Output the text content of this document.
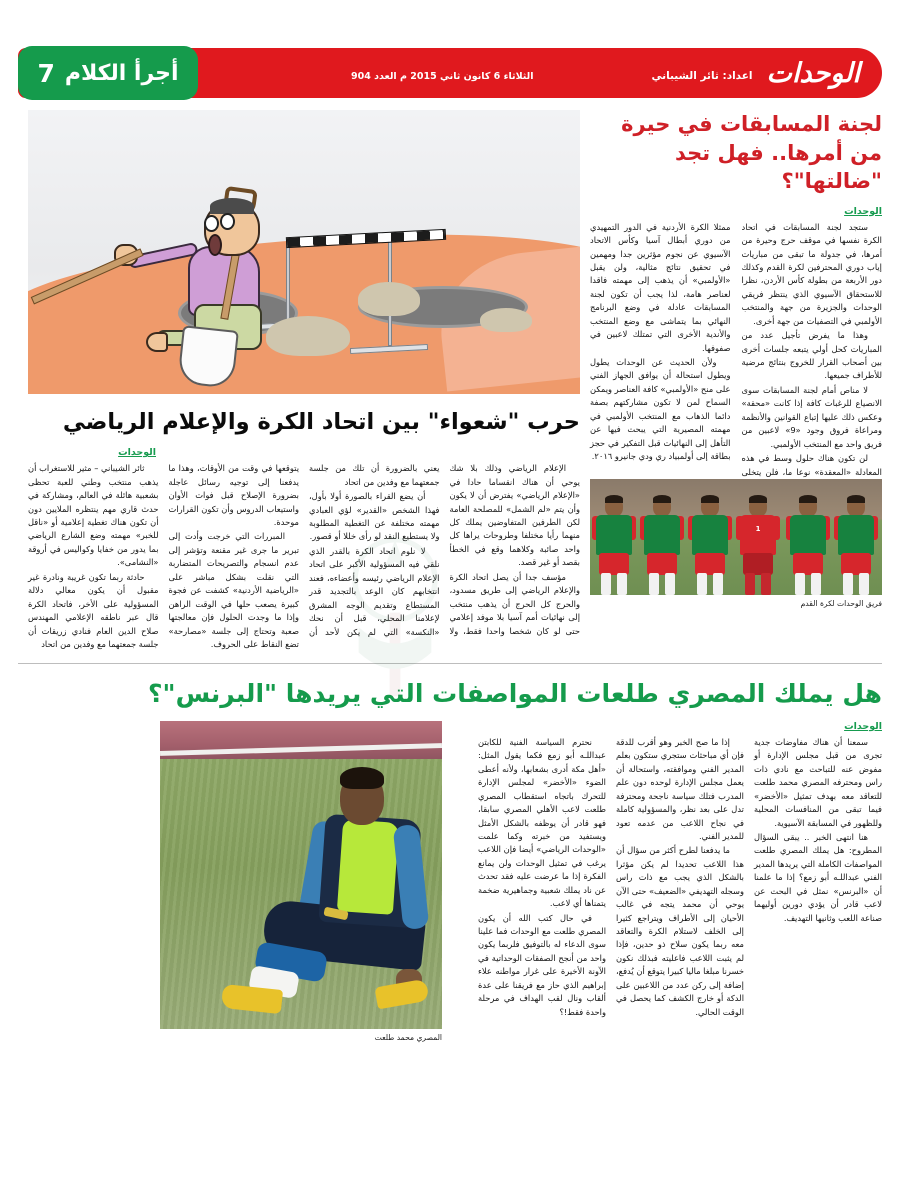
الوحدات
اعداد: ثائر الشيباني
الثلاثاء 6 كانون ثاني 2015 م العدد 904
أجرأ الكلام
7
لجنة المسابقات في حيرة من أمرها.. فهل تجد "ضالتها"؟
الوحدات

ستجد لجنة المسابقات في اتحاد الكرة نفسها في موقف حرج وحيرة من أمرها، في جدولة ما تبقى من مباريات إياب دوري المحترفين لكرة القدم وكذلك دور الأربعة من بطولة كأس الأردن، نظرا للاستحقاق الآسيوي الذي ينتظر فريقي الوحدات والجزيرة من جهة والمنتخب الأولمبي في التصفيات من جهة أخرى.

وهذا ما يفرض تأجيل عدد من المباريات كحل أولي يتبعه جلسات أخرى بين أصحاب القرار للخروج بنتائج مرضية للأطراف جميعها.

لا مناص أمام لجنة المسابقات سوى الانصياع للرغبات كافة إذا كانت «محقة» وعكس ذلك عليها إتباع القوانين والأنظمة ومراعاة فروق وجود «9» لاعبين من فريق واحد مع المنتخب الأولمبي.

لن تكون هناك حلول وسط في هذه المعادلة «المعقدة» نوعا ما، فلن يتخلى ممثلا الكرة الأردنية في الدور التمهيدي من دوري أبطال آسيا وكأس الاتحاد الآسيوي عن نجوم مؤثرين جدا ومهمين في تحقيق نتائج مثالية، ولن يقبل «الأولمبي» أن يذهب إلى مهمته فاقدا لعناصر هامة، لذا يجب أن تكون لجنة المسابقات عادلة في وضع البرنامج النهائي بما يتماشى مع وضع المنتخب والأندية الأخرى التي تمتلك لاعبين في صفوفها.

ولأن الحديث عن الوحدات يطول ويطول استحالة أن يوافق الجهاز الفني على منح «الأولمبي» كافة العناصر ويمكن السماح لمن لا تكون مشاركتهم بصفة دائما الذهاب مع المنتخب الأولمبي في مهمته المصيرية التي يبحث فيها عن التأهل إلى النهائيات قبل التفكير في حجز بطاقة إلى أولمبياد ري ودي جانيرو ٢٠١٦.

1
فريق الوحدات لكرة القدم
حرب "شعواء" بين اتحاد الكرة والإعلام الرياضي
الوحدات

الإعلام الرياضي وذلك بلا شك يوحي أن هناك انقساما حادا في «الإعلام الرياضي» يفترض أن لا يكون وأن يتم «لم الشمل» للمصلحة العامة لكن الطرفين المتفاوضين يملك كل منهما رأيا مختلفا وطروحات يراها كل واحد صائبة وكلاهما وقع في الخطأ بقصد أو غير قصد.

مؤسف جدا أن يصل اتحاد الكرة والإعلام الرياضي إلى طريق مسدود، والحرج كل الحرج أن يذهب منتخب إلى نهائيات أمم آسيا بلا موفد إعلامي حتى لو كان شخصا واحدا فقط، ولا يعني بالضرورة أن تلك من جلسة جمعتهما مع وفدين من اتحاد

أن يضع القراء بالصورة أولا بأول، فهذا الشخص «القدير» لؤي العبادي مهمته مختلفة عن التغطية المطلوبة ولا يستطيع النقد لو رأى خللا أو قصور.

لا نلوم اتحاد الكرة بالقدر الذي نلقي فيه المسؤولية الأكبر على اتحاد الإعلام الرياضي رئيسه وأعضاءه، فعند انتخابهم كان الوعد بالتجديد قدر المستطاع وتقديم الوجه المشرق لإعلامنا المحلي، قبل أن نحك «النكسة» التي لم يكن لأحد أن يتوقعها في وقت من الأوقات، وهذا ما يدفعنا إلى توجيه رسائل عاجلة بضرورة الإصلاح قبل فوات الأوان واستيعاب الدروس وأن تكون القرارات موحدة.

المبررات التي خرجت وأدت إلى تبرير ما جرى غير مقنعة وتؤشر إلى عدم انسجام والتصريحات المتضاربة التي نقلت بشكل مباشر على «الرياضية الأردنية» كشفت عن فجوة كبيرة يصعب حلها في الوقت الراهن وإذا ما وجدت الحلول فإن معالجتها صعبة وتحتاج إلى جلسة «مصارحة» تضع النقاط على الحروف.

ثائر الشيباني – مثير للاستغراب أن يذهب منتخب وطني للعبة تحظى بشعبية هائلة في العالم، ومشاركة في حدث قاري مهم ينتظره الملايين دون أن تكون هناك تغطية إعلامية أو «ناقل للخبر» مهمته وضع الشارع الرياضي بما يدور من خفايا وكواليس في أروقة «النشامى».

حادثة ربما تكون غريبة ونادرة غير مقبول أن يكون معالي دلالة المسؤولية على الأخر، فاتحاد الكرة قال عبر ناطقه الإعلامي المهندس صلاح الدين العام فنادي زريقات أن جلسة جمعتهما مع وفدين من اتحاد

هل يملك المصري طلعات المواصفات التي يريدها "البرنس"؟
الوحدات

سمعنا أن هناك مفاوضات جدية تجرى من قبل مجلس الإدارة أو مفوض عنه للتباحث مع نادي ذات راس ومحترفه المصري محمد طلعت للتعاقد معه بهدف تمثيل «الأخضر» فيما تبقى من المنافسات المحلية وللظهور في المسابقة الآسيوية.

هنا انتهى الخبر .. يبقى السؤال المطروح: هل يملك المصري طلعت المواصفات الكاملة التي يريدها المدير الفني عبداللـه أبو زمع؟ إذا ما علمنا أن «البرنس» نمثل في البحث عن لاعب قادر أن يؤدي دورين أوليهما صناعة اللعب وثانيها التهديف.

إذا ما صح الخبر وهو أقرب للدقة فإن أي مباحثات ستجري ستكون بعلم المدير الفني وموافقته، واستحالة أن يعمل مجلس الإدارة لوحده دون علم المدرب فتلك سياسة ناجحة ومحترفة تدل على بعد نظر، والمسؤولية كاملة في نجاح اللاعب من عدمه تعود للمدير الفني.

ما يدفعنا لطرح أكثر من سؤال أن هذا اللاعب تحديدا لم يكن مؤثرا بالشكل الذي يجب مع ذات راس وسجله التهديفي «الضعيف» حتى الآن يوحي أن محمد يتجه في غالب الأحيان إلى الأطراف ويتراجع كثيرا إلى الخلف لاستلام الكرة والتعاقد معه ربما يكون سلاح ذو حدين، فإذا لم يثبت اللاعب فاعليته فبذلك نكون خسرنا مبلغا ماليا كبيرا يتوقع أن يُدفع، إضافة إلى ركن عدد من اللاعبين على الدكة أو خارج الكشف كما يحصل في الوقت الحالي.

نحترم السياسة الفنية للكابتن عبداللـه أبو زمع فكما يقول المثل: «أهل مكة أدرى بشعابها، ولأنه أعطى الضوء «الأخضر» لمجلس الإدارة للتحرك باتجاه استقطاب المصري طلعت لاعب الأهلي المصري سابقا، فهو قادر أن يوظفه بالشكل الأمثل ويستفيد من خبرته وكما علمت «الوحدات الرياضي» أيضا فإن اللاعب يرغب في تمثيل الوحدات ولن يمانع الفكرة إذا ما عرضت عليه فقد تحدث عن ناد يملك شعبية وجماهيرية ضخمة يتمناها أي لاعب.

في حال كتب الله أن يكون المصري طلعت مع الوحدات فما علينا سوى الدعاء له بالتوفيق فلربما يكون واحد من أنجح الصفقات الوحداتية في الآونة الأخيرة على غرار مواطنه علاء إبراهيم الذي حاز مع فريقنا على عدة ألقاب ونال لقب الهداف في مرحلة واحدة فقط!؟

المصري محمد طلعت
